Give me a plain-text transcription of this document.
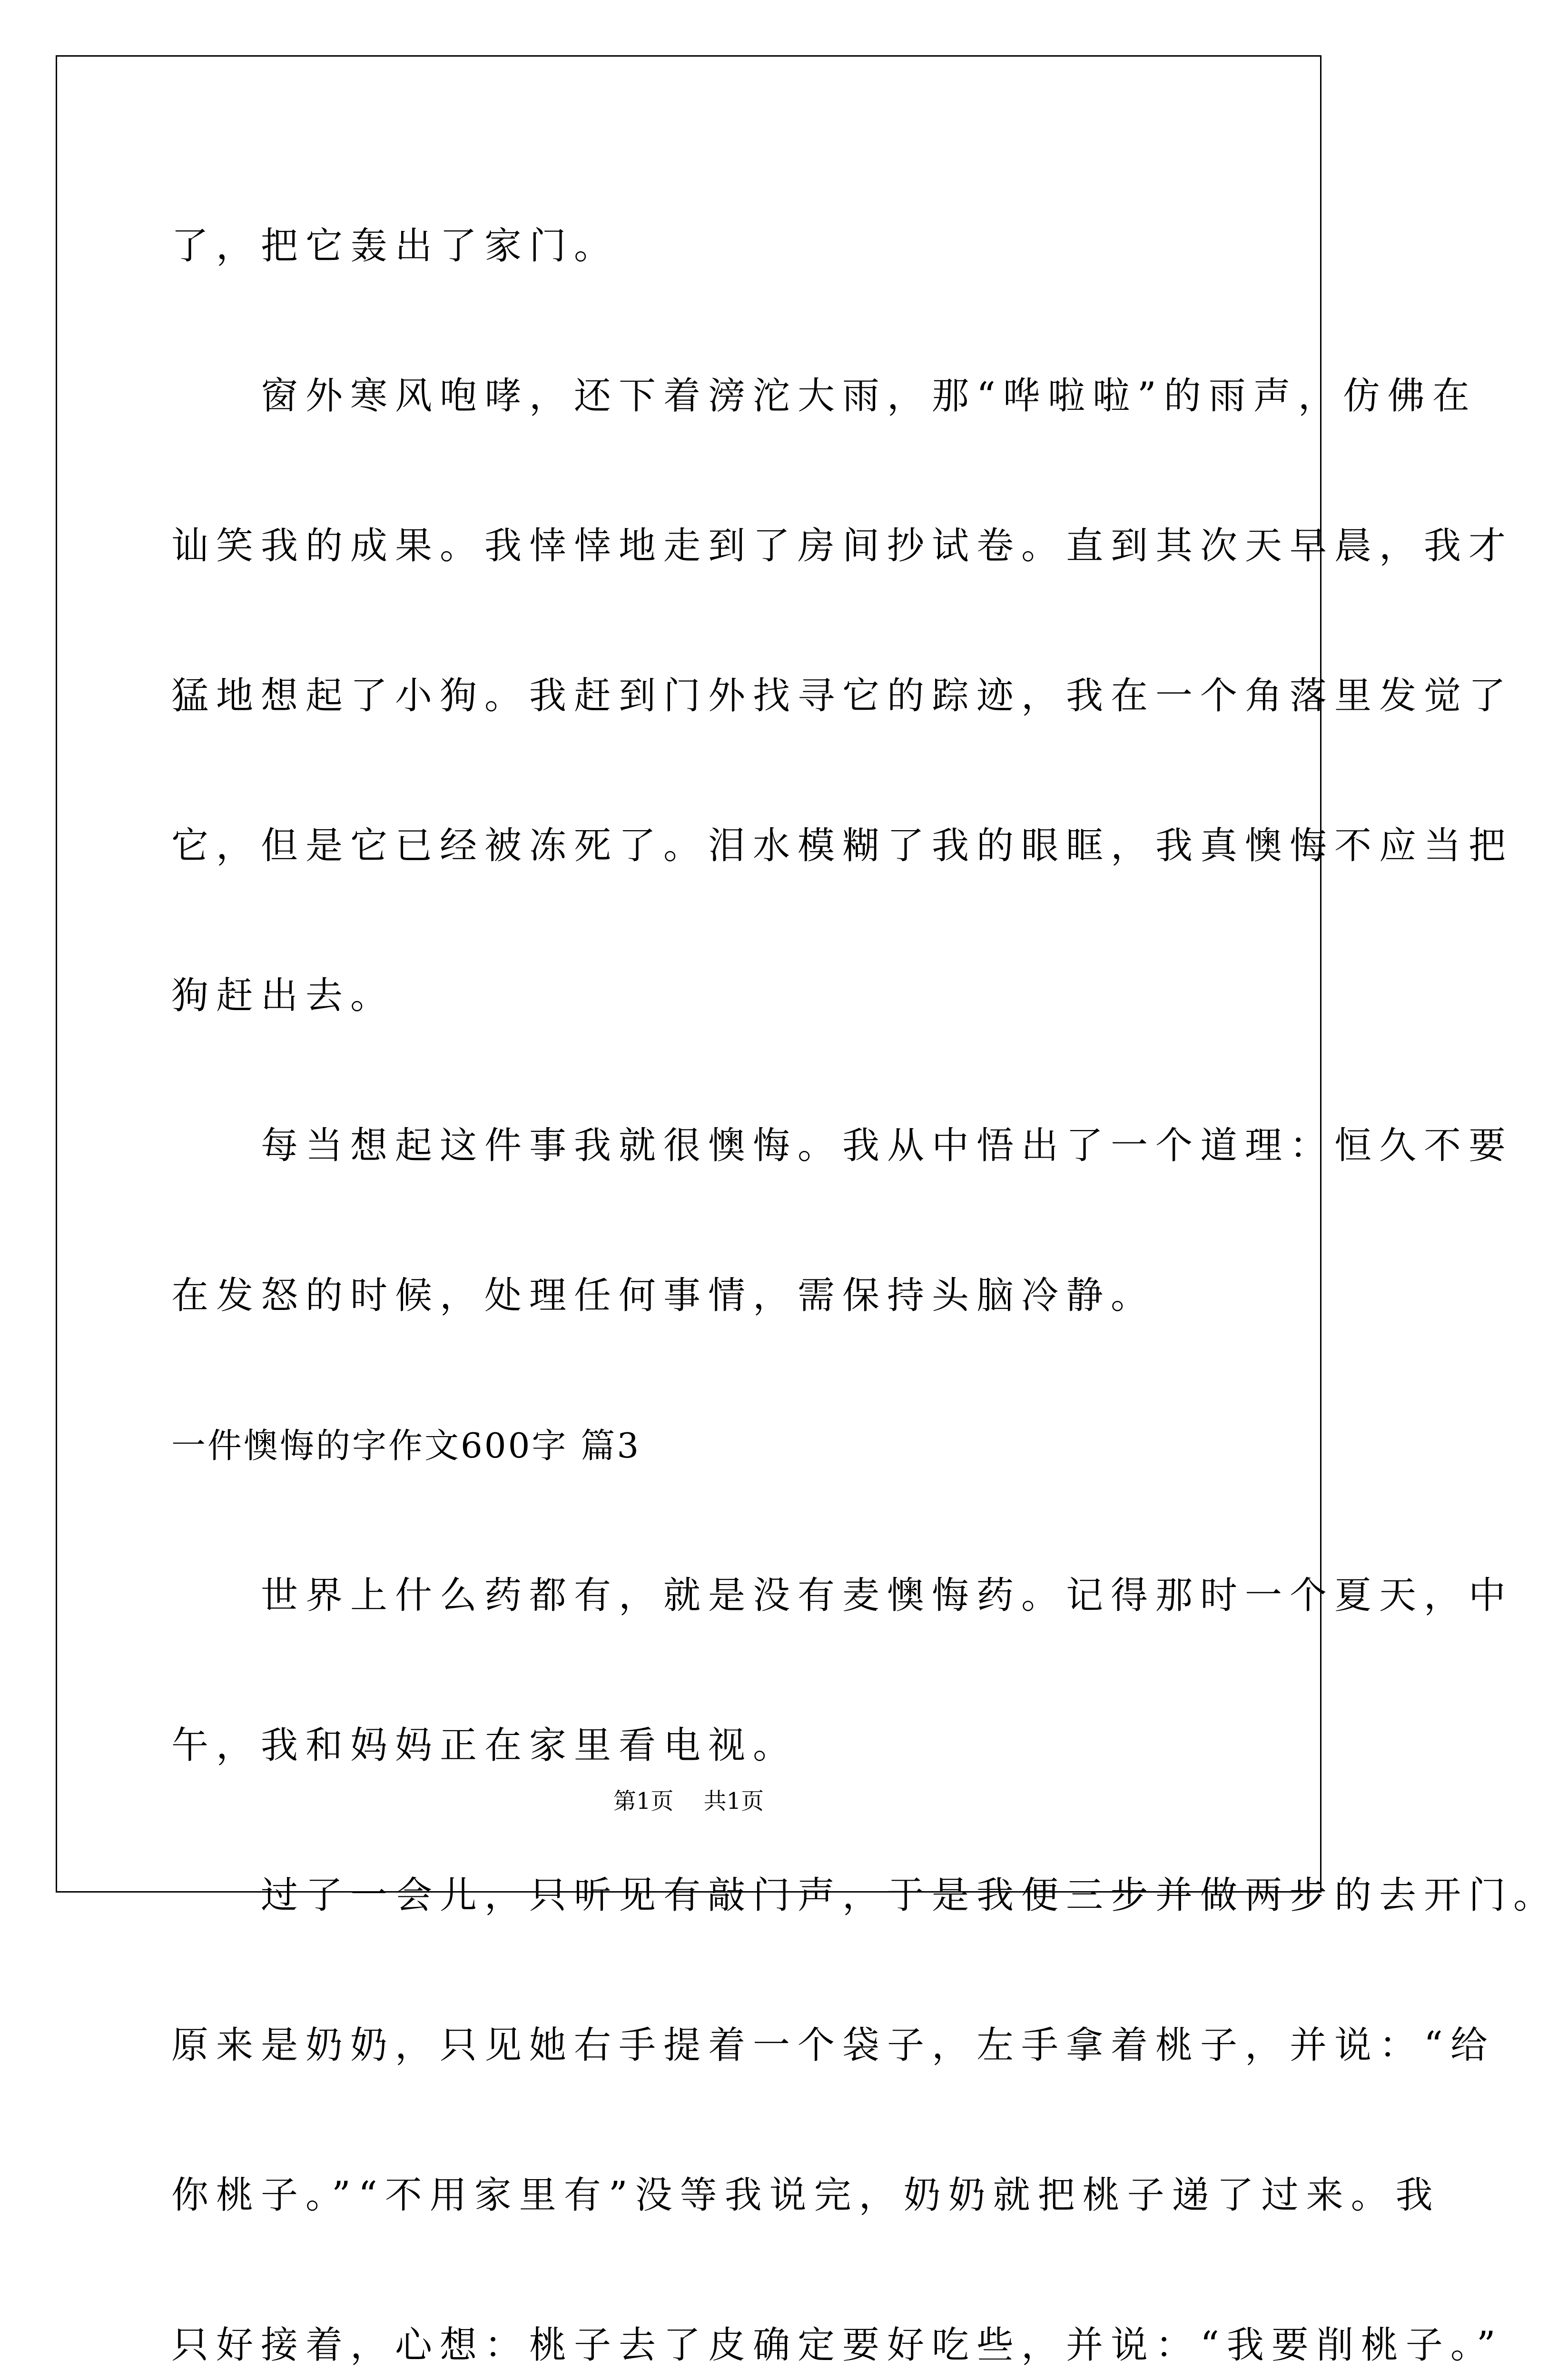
了，把它轰出了家门。
　　窗外寒风咆哮，还下着滂沱大雨，那“哗啦啦”的雨声，仿佛在
讪笑我的成果。我悻悻地走到了房间抄试卷。直到其次天早晨，我才
猛地想起了小狗。我赶到门外找寻它的踪迹，我在一个角落里发觉了
它，但是它已经被冻死了。泪水模糊了我的眼眶，我真懊悔不应当把
狗赶出去。
　　每当想起这件事我就很懊悔。我从中悟出了一个道理：恒久不要
在发怒的时候，处理任何事情，需保持头脑冷静。
一件懊悔的字作文600字 篇3
　　世界上什么药都有，就是没有麦懊悔药。记得那时一个夏天，中
午，我和妈妈正在家里看电视。
　　过了一会儿，只听见有敲门声，于是我便三步并做两步的去开门。
原来是奶奶，只见她右手提着一个袋子，左手拿着桃子，并说：“给
你桃子。”“不用家里有”没等我说完，奶奶就把桃子递了过来。我
只好接着，心想：桃子去了皮确定要好吃些，并说：“我要削桃子。”
第1页 共1页
